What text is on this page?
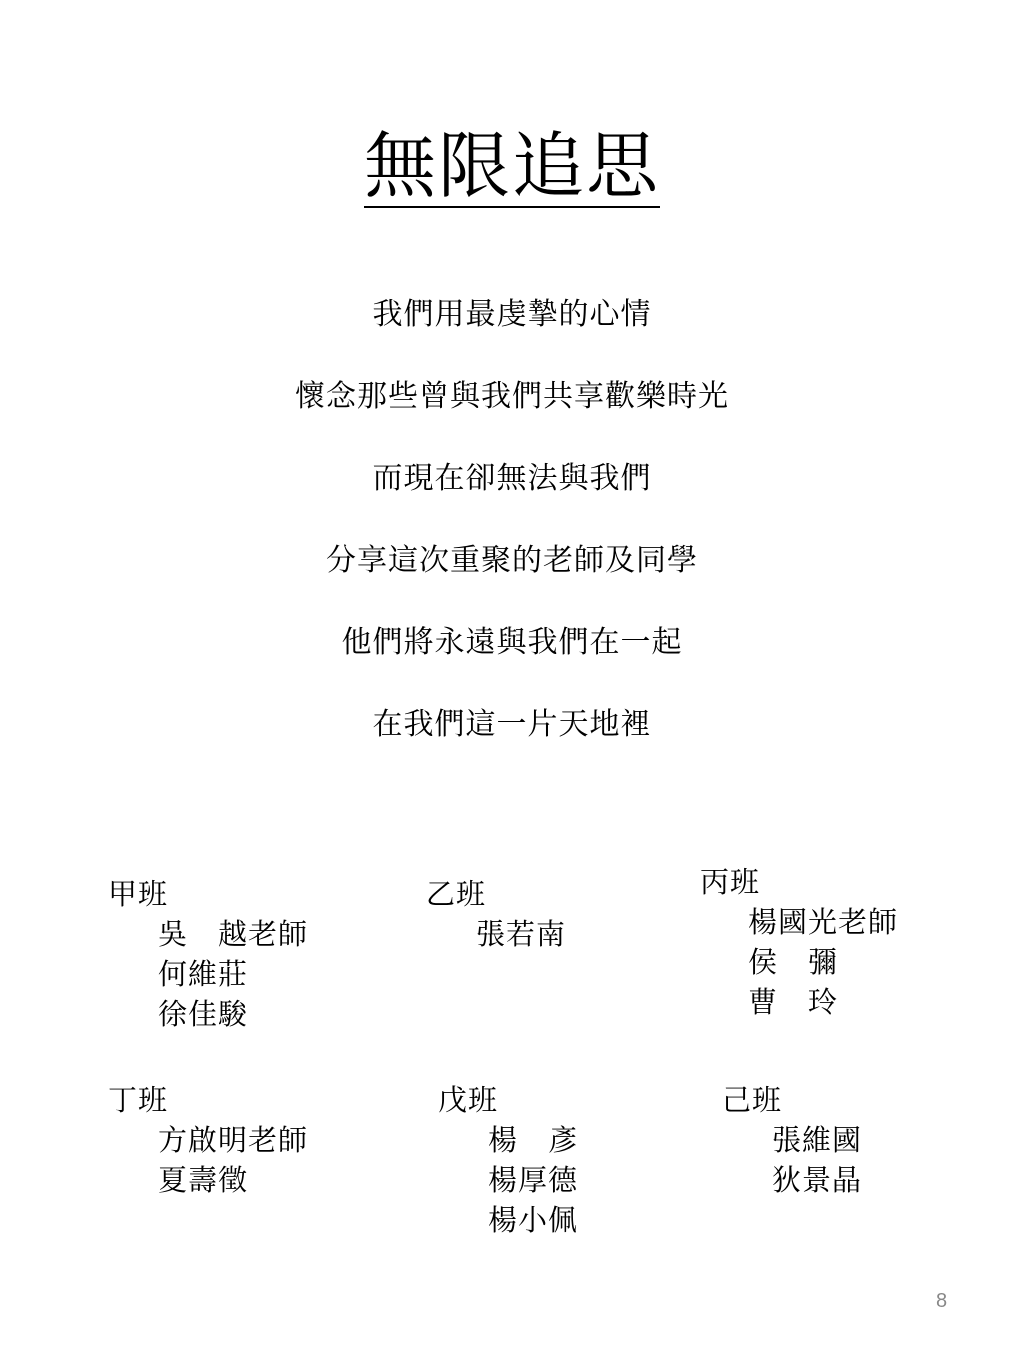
無限追思
我們用最虔摯的心情
懷念那些曾與我們共享歡樂時光
而現在卻無法與我們
分享這次重聚的老師及同學
他們將永遠與我們在一起
在我們這一片天地裡
甲班
吳　越老師
何維莊
徐佳駿
乙班
張若南
丙班
楊國光老師
侯　彌
曹　玲
丁班
方啟明老師
夏壽徵
戊班
楊　彥
楊厚德
楊小佩
己班
張維國
狄景晶
8
